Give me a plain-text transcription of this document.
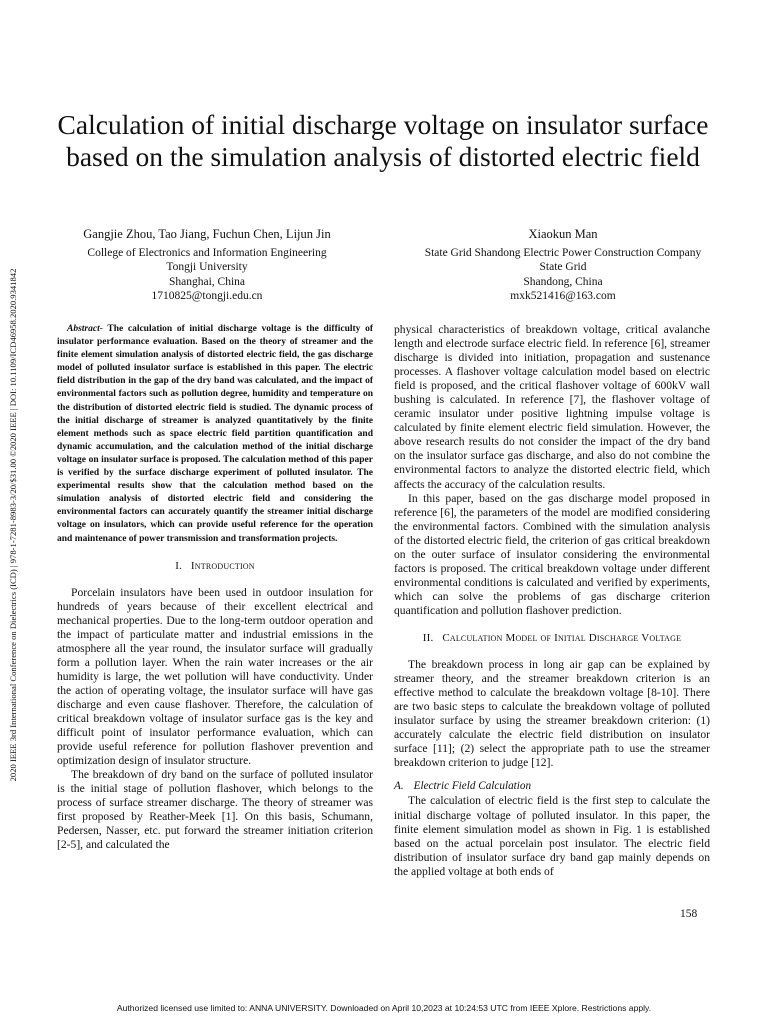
2020 IEEE 3rd International Conference on Dielectrics (ICD) | 978-1-7281-8983-3/20/$31.00 ©2020 IEEE | DOI: 10.1109/ICD46958.2020.9341842
Calculation of initial discharge voltage on insulator surface based on the simulation analysis of distorted electric field
Gangjie Zhou, Tao Jiang, Fuchun Chen, Lijun Jin
College of Electronics and Information Engineering
Tongji University
Shanghai, China
1710825@tongji.edu.cn
Xiaokun Man
State Grid Shandong Electric Power Construction Company
State Grid
Shandong, China
mxk521416@163.com

Abstract- The calculation of initial discharge voltage is the difficulty of insulator performance evaluation. Based on the theory of streamer and the finite element simulation analysis of distorted electric field, the gas discharge model of polluted insulator surface is established in this paper. The electric field distribution in the gap of the dry band was calculated, and the impact of environmental factors such as pollution degree, humidity and temperature on the distribution of distorted electric field is studied. The dynamic process of the initial discharge of streamer is analyzed quantitatively by the finite element methods such as space electric field partition quantification and dynamic accumulation, and the calculation method of the initial discharge voltage on insulator surface is proposed. The calculation method of this paper is verified by the surface discharge experiment of polluted insulator. The experimental results show that the calculation method based on the simulation analysis of distorted electric field and considering the environmental factors can accurately quantify the streamer initial discharge voltage on insulators, which can provide useful reference for the operation and maintenance of power transmission and transformation projects.

I. Introduction

Porcelain insulators have been used in outdoor insulation for hundreds of years because of their excellent electrical and mechanical properties. Due to the long-term outdoor operation and the impact of particulate matter and industrial emissions in the atmosphere all the year round, the insulator surface will gradually form a pollution layer. When the rain water increases or the air humidity is large, the wet pollution will have conductivity. Under the action of operating voltage, the insulator surface will have gas discharge and even cause flashover. Therefore, the calculation of critical breakdown voltage of insulator surface gas is the key and difficult point of insulator performance evaluation, which can provide useful reference for pollution flashover prevention and optimization design of insulator structure.

The breakdown of dry band on the surface of polluted insulator is the initial stage of pollution flashover, which belongs to the process of surface streamer discharge. The theory of streamer was first proposed by Reather-Meek [1]. On this basis, Schumann, Pedersen, Nasser, etc. put forward the streamer initiation criterion [2-5], and calculated the

physical characteristics of breakdown voltage, critical avalanche length and electrode surface electric field. In reference [6], streamer discharge is divided into initiation, propagation and sustenance processes. A flashover voltage calculation model based on electric field is proposed, and the critical flashover voltage of 600kV wall bushing is calculated. In reference [7], the flashover voltage of ceramic insulator under positive lightning impulse voltage is calculated by finite element electric field simulation. However, the above research results do not consider the impact of the dry band on the insulator surface gas discharge, and also do not combine the environmental factors to analyze the distorted electric field, which affects the accuracy of the calculation results.

In this paper, based on the gas discharge model proposed in reference [6], the parameters of the model are modified considering the environmental factors. Combined with the simulation analysis of the distorted electric field, the criterion of gas critical breakdown on the outer surface of insulator considering the environmental factors is proposed. The critical breakdown voltage under different environmental conditions is calculated and verified by experiments, which can solve the problems of gas discharge criterion quantification and pollution flashover prediction.

II. Calculation Model of Initial Discharge Voltage

The breakdown process in long air gap can be explained by streamer theory, and the streamer breakdown criterion is an effective method to calculate the breakdown voltage [8-10]. There are two basic steps to calculate the breakdown voltage of polluted insulator surface by using the streamer breakdown criterion: (1) accurately calculate the electric field distribution on insulator surface [11]; (2) select the appropriate path to use the streamer breakdown criterion to judge [12].

A. Electric Field Calculation

The calculation of electric field is the first step to calculate the initial discharge voltage of polluted insulator. In this paper, the finite element simulation model as shown in Fig. 1 is established based on the actual porcelain post insulator. The electric field distribution of insulator surface dry band gap mainly depends on the applied voltage at both ends of

158
Authorized licensed use limited to: ANNA UNIVERSITY. Downloaded on April 10,2023 at 10:24:53 UTC from IEEE Xplore. Restrictions apply.
